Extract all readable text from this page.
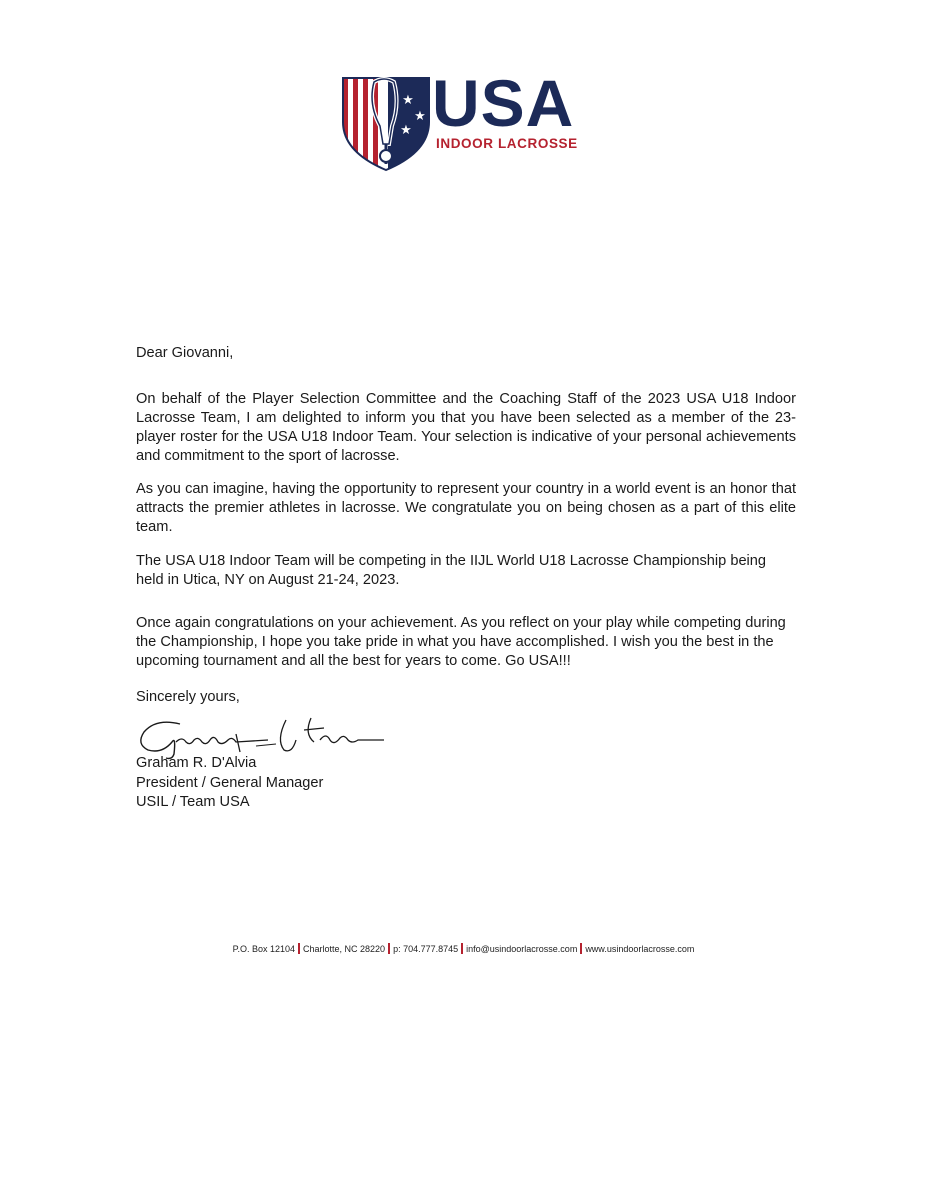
★
★
★ USA
INDOOR LACROSSE

Dear Giovanni,

On behalf of the Player Selection Committee and the Coaching Staff of the 2023 USA U18 Indoor Lacrosse Team, I am delighted to inform you that you have been selected as a member of the 23-player roster for the USA U18 Indoor Team. Your selection is indicative of your personal achievements and commitment to the sport of lacrosse.

As you can imagine, having the opportunity to represent your country in a world event is an honor that attracts the premier athletes in lacrosse. We congratulate you on being chosen as a part of this elite team.

The USA U18 Indoor Team will be competing in the IIJL World U18 Lacrosse Championship being held in Utica, NY on August 21-24, 2023.

Once again congratulations on your achievement. As you reflect on your play while competing during the Championship, I hope you take pride in what you have accomplished. I wish you the best in the upcoming tournament and all the best for years to come. Go USA!!!

Sincerely yours,

Graham R. D'Alvia
President / General Manager
USIL / Team USA
P.O. Box 12104 Charlotte, NC 28220 p: 704.777.8745 info@usindoorlacrosse.com www.usindoorlacrosse.com
